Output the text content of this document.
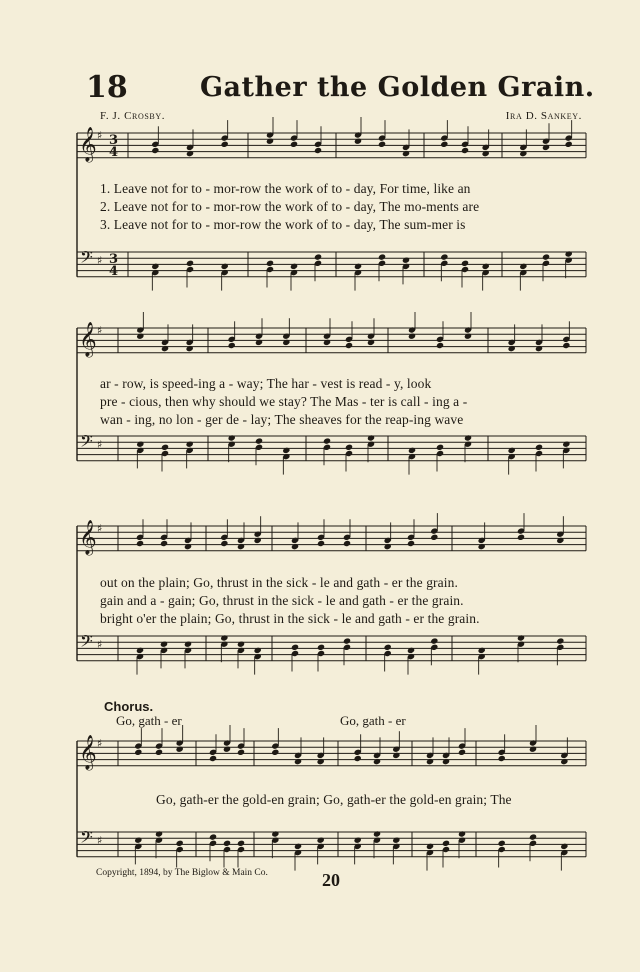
18	Gather the Golden Grain.
F. J. Crosby.	Ira D. Sankey.
𝄞
𝄢
♯
♯
3
3
4
4
𝄞
𝄢
♯
♯
𝄞
𝄢
♯
♯
𝄞
𝄢
♯
♯
1. Leave not for to - mor-row the work of to - day, For time, like an
2. Leave not for to - mor-row the work of to - day, The mo-ments are
3. Leave not for to - mor-row the work of to - day, The sum-mer is
ar - row, is speed-ing a - way; The har - vest is read - y, look
pre - cious, then why should we stay? The Mas - ter is call - ing a -
wan - ing, no lon - ger de - lay; The sheaves for the reap-ing wave
out on the plain; Go, thrust in the sick - le and gath - er the grain.
gain and a - gain; Go, thrust in the sick - le and gath - er the grain.
bright o'er the plain; Go, thrust in the sick - le and gath - er the grain.
Chorus.
Go, gath - er	Go, gath - er
Go, gath-er the gold-en grain; Go, gath-er the gold-en grain; The
Copyright, 1894, by The Biglow & Main Co.	20
